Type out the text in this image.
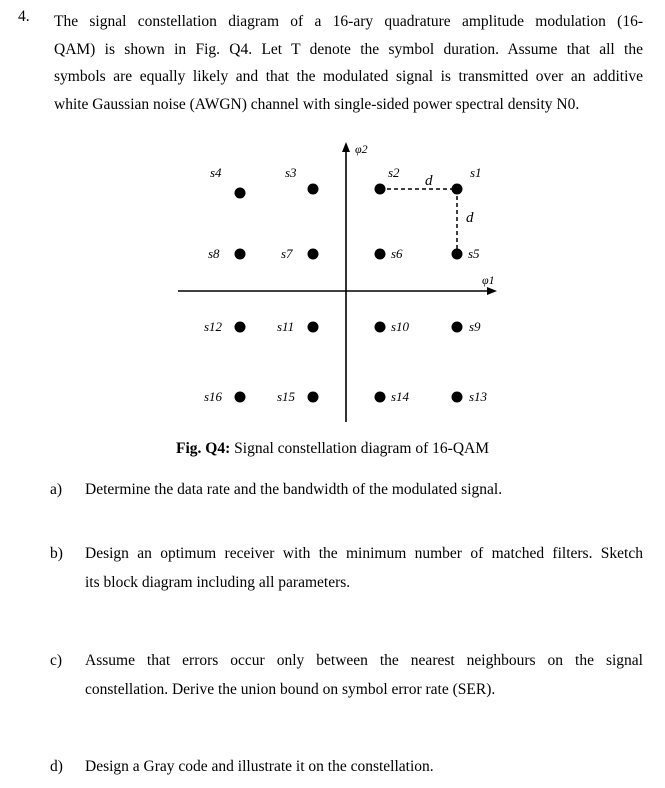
4. The signal constellation diagram of a 16-ary quadrature amplitude modulation (16-
QAM) is shown in Fig. Q4. Let T denote the symbol duration. Assume that all the
symbols are equally likely and that the modulated signal is transmitted over an additive
white Gaussian noise (AWGN) channel with single-sided power spectral density N0.
φ2
φ1
d
d
s4	s3	s2	s1
s8	s7	s6	s5
s12	s11	s10	s9
s16	s15	s14	s13
Fig. Q4: Signal constellation diagram of 16-QAM
a) Determine the data rate and the bandwidth of the modulated signal.
b) Design an optimum receiver with the minimum number of matched filters. Sketch
its block diagram including all parameters.
c) Assume that errors occur only between the nearest neighbours on the signal
constellation. Derive the union bound on symbol error rate (SER).
d) Design a Gray code and illustrate it on the constellation.
